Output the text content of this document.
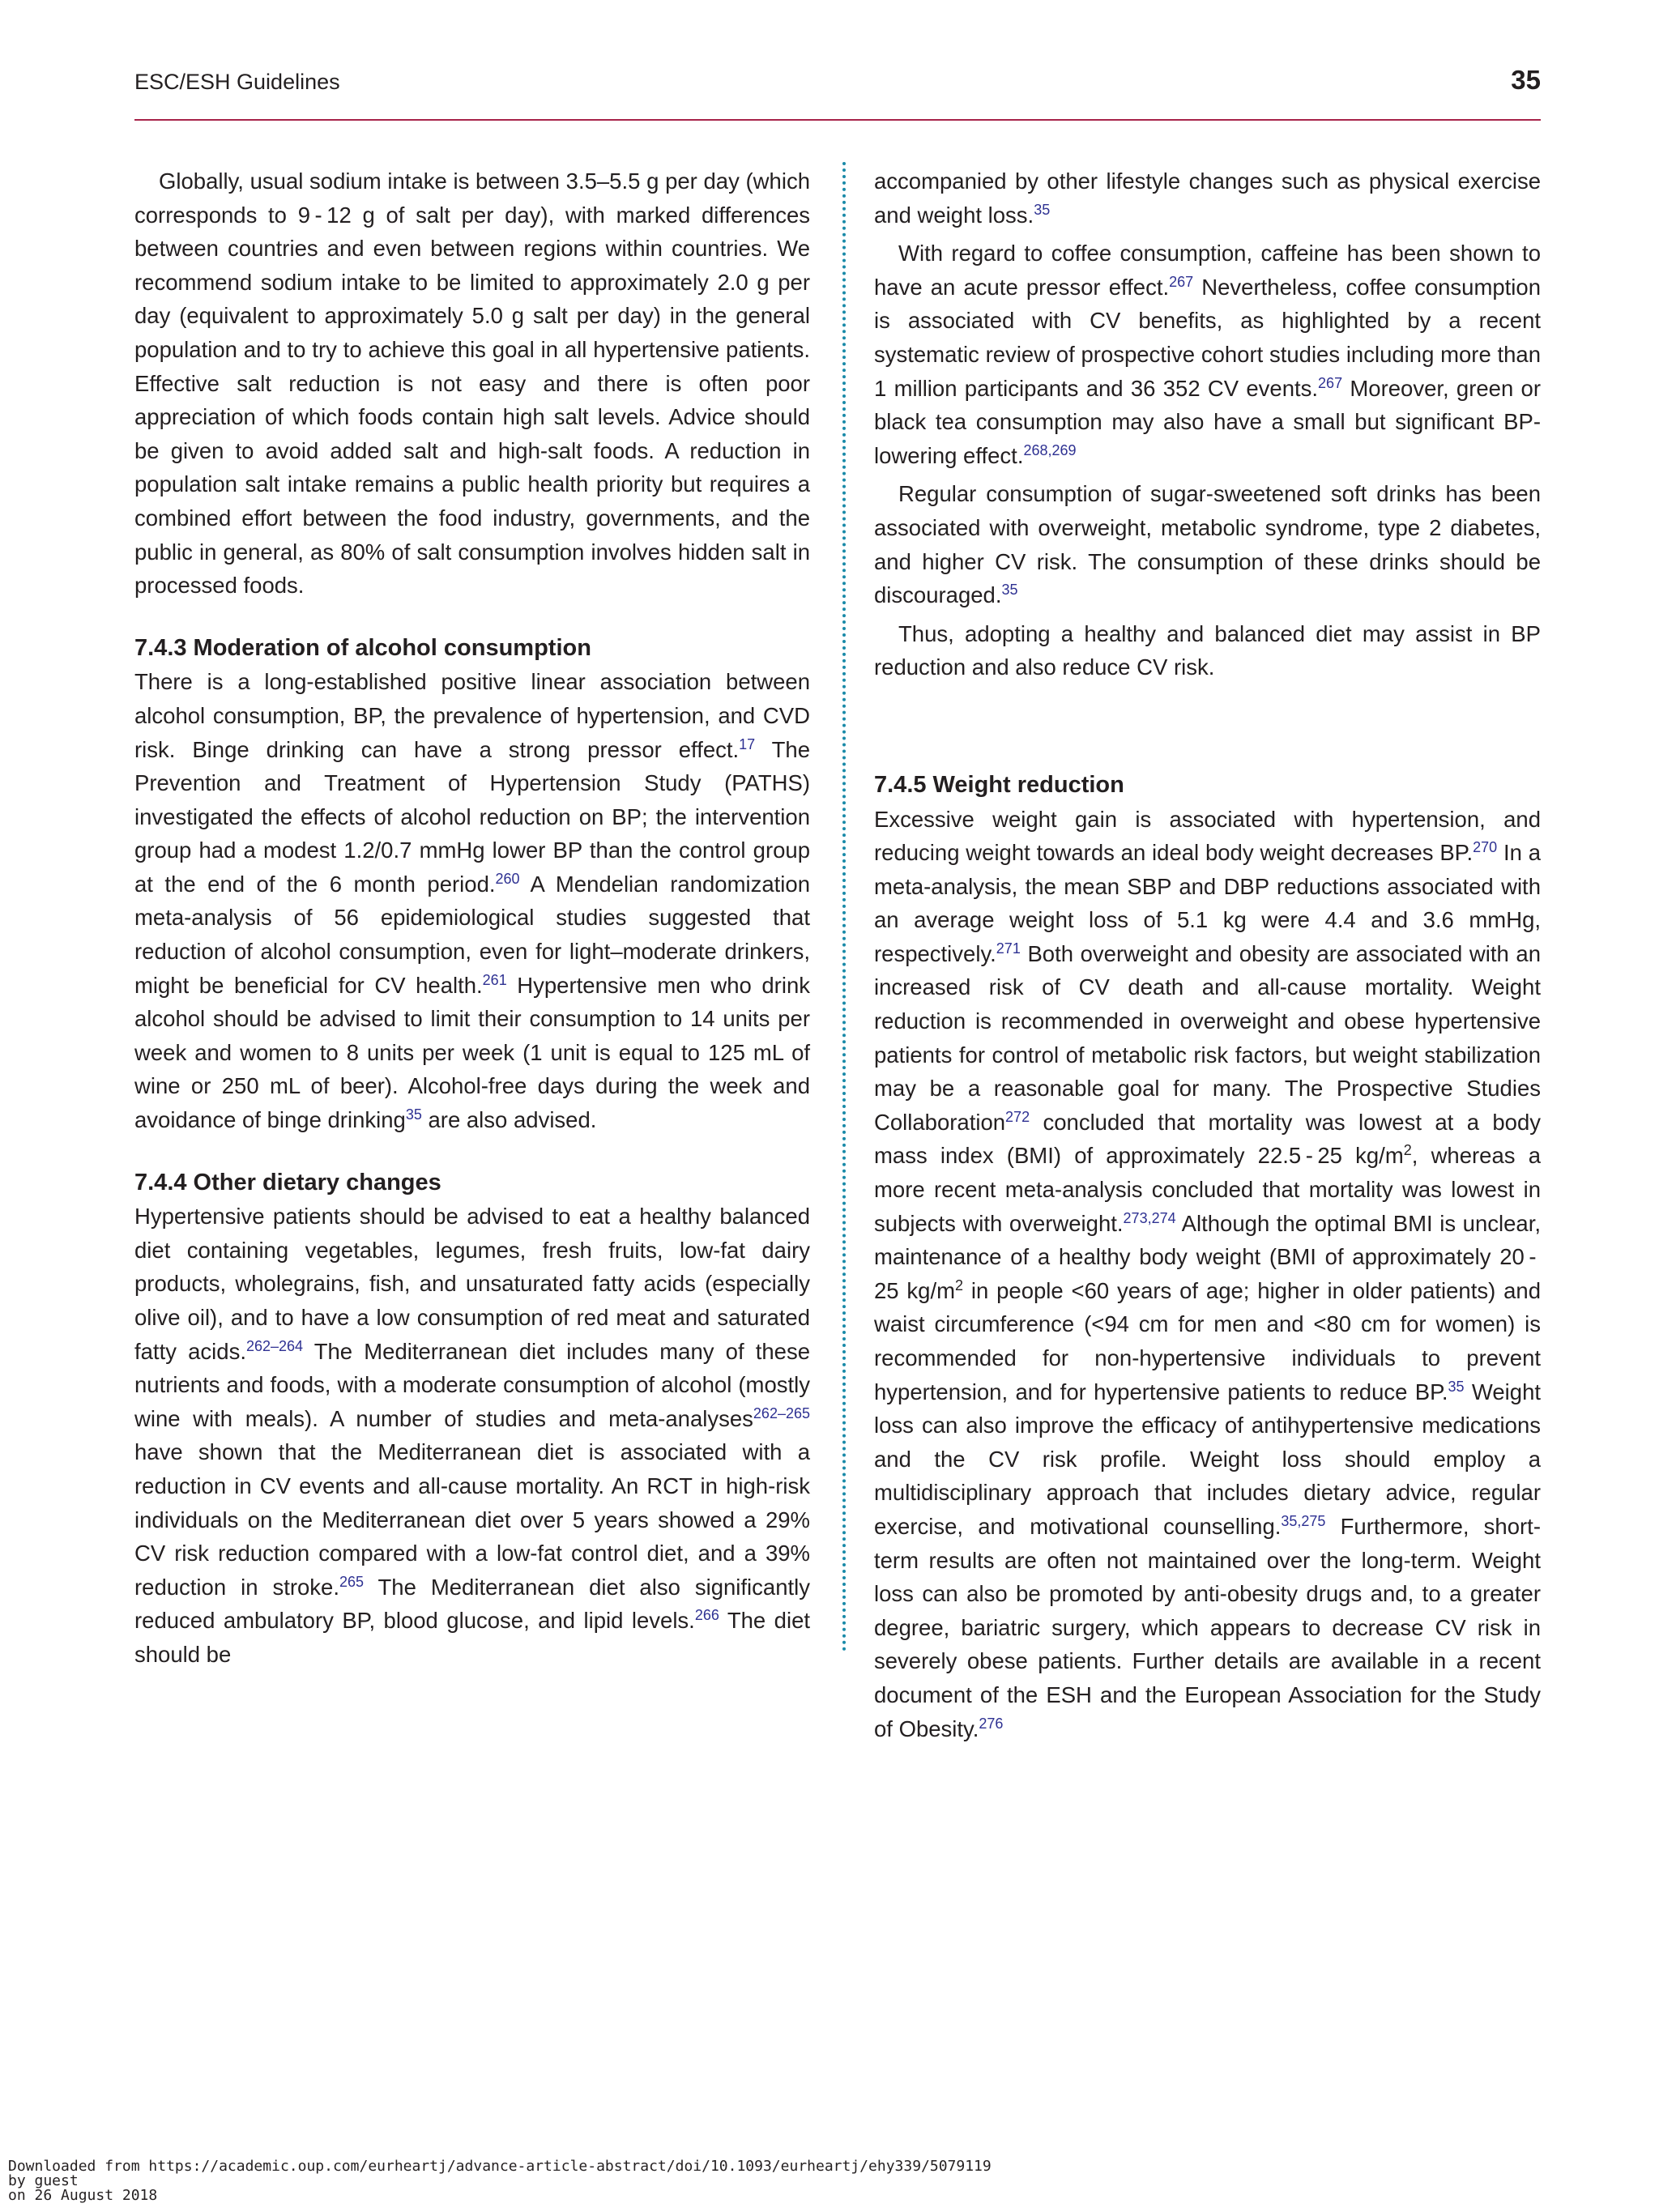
ESC/ESH Guidelines	35

Globally, usual sodium intake is between 3.5–5.5 g per day (which corresponds to 9 - 12 g of salt per day), with marked differences between countries and even between regions within countries. We recommend sodium intake to be limited to approximately 2.0 g per day (equivalent to approximately 5.0 g salt per day) in the general population and to try to achieve this goal in all hypertensive patients. Effective salt reduction is not easy and there is often poor appreciation of which foods contain high salt levels. Advice should be given to avoid added salt and high-salt foods. A reduction in population salt intake remains a public health priority but requires a combined effort between the food industry, governments, and the public in general, as 80% of salt consumption involves hidden salt in processed foods.

7.4.3 Moderation of alcohol consumption

There is a long-established positive linear association between alcohol consumption, BP, the prevalence of hypertension, and CVD risk. Binge drinking can have a strong pressor effect.$^{17}$ The Prevention and Treatment of Hypertension Study (PATHS) investigated the effects of alcohol reduction on BP; the intervention group had a modest 1.2/0.7 mmHg lower BP than the control group at the end of the 6 month period.$^{260}$ A Mendelian randomization meta-analysis of 56 epidemiological studies suggested that reduction of alcohol consumption, even for light–moderate drinkers, might be beneficial for CV health.$^{261}$ Hypertensive men who drink alcohol should be advised to limit their consumption to 14 units per week and women to 8 units per week (1 unit is equal to 125 mL of wine or 250 mL of beer). Alcohol-free days during the week and avoidance of binge drinking$^{35}$ are also advised.

7.4.4 Other dietary changes

Hypertensive patients should be advised to eat a healthy balanced diet containing vegetables, legumes, fresh fruits, low-fat dairy products, wholegrains, fish, and unsaturated fatty acids (especially olive oil), and to have a low consumption of red meat and saturated fatty acids.$^{262-264}$ The Mediterranean diet includes many of these nutrients and foods, with a moderate consumption of alcohol (mostly wine with meals). A number of studies and meta-analyses$^{262-265}$ have shown that the Mediterranean diet is associated with a reduction in CV events and all-cause mortality. An RCT in high-risk individuals on the Mediterranean diet over 5 years showed a 29% CV risk reduction compared with a low-fat control diet, and a 39% reduction in stroke.$^{265}$ The Mediterranean diet also significantly reduced ambulatory BP, blood glucose, and lipid levels.$^{266}$ The diet should be

accompanied by other lifestyle changes such as physical exercise and weight loss.$^{35}$

With regard to coffee consumption, caffeine has been shown to have an acute pressor effect.$^{267}$ Nevertheless, coffee consumption is associated with CV benefits, as highlighted by a recent systematic review of prospective cohort studies including more than 1 million participants and 36 352 CV events.$^{267}$ Moreover, green or black tea consumption may also have a small but significant BP-lowering effect.$^{268,269}$

Regular consumption of sugar-sweetened soft drinks has been associated with overweight, metabolic syndrome, type 2 diabetes, and higher CV risk. The consumption of these drinks should be discouraged.$^{35}$

Thus, adopting a healthy and balanced diet may assist in BP reduction and also reduce CV risk.

7.4.5 Weight reduction

Excessive weight gain is associated with hypertension, and reducing weight towards an ideal body weight decreases BP.$^{270}$ In a meta-analysis, the mean SBP and DBP reductions associated with an average weight loss of 5.1 kg were 4.4 and 3.6 mmHg, respectively.$^{271}$ Both overweight and obesity are associated with an increased risk of CV death and all-cause mortality. Weight reduction is recommended in overweight and obese hypertensive patients for control of metabolic risk factors, but weight stabilization may be a reasonable goal for many. The Prospective Studies Collaboration$^{272}$ concluded that mortality was lowest at a body mass index (BMI) of approximately 22.5 - 25 $kg/m^2$, whereas a more recent meta-analysis concluded that mortality was lowest in subjects with overweight.$^{273,274}$ Although the optimal BMI is unclear, maintenance of a healthy body weight (BMI of approximately 20 - 25 $kg/m^2$ in people <60 years of age; higher in older patients) and waist circumference (<94 cm for men and <80 cm for women) is recommended for non-hypertensive individuals to prevent hypertension, and for hypertensive patients to reduce BP.$^{35}$ Weight loss can also improve the efficacy of antihypertensive medications and the CV risk profile. Weight loss should employ a multidisciplinary approach that includes dietary advice, regular exercise, and motivational counselling.$^{35,275}$ Furthermore, short-term results are often not maintained over the long-term. Weight loss can also be promoted by anti-obesity drugs and, to a greater degree, bariatric surgery, which appears to decrease CV risk in severely obese patients. Further details are available in a recent document of the ESH and the European Association for the Study of Obesity.$^{276}$

Downloaded from https://academic.oup.com/eurheartj/advance-article-abstract/doi/10.1093/eurheartj/ehy339/5079119
by guest
on 26 August 2018
